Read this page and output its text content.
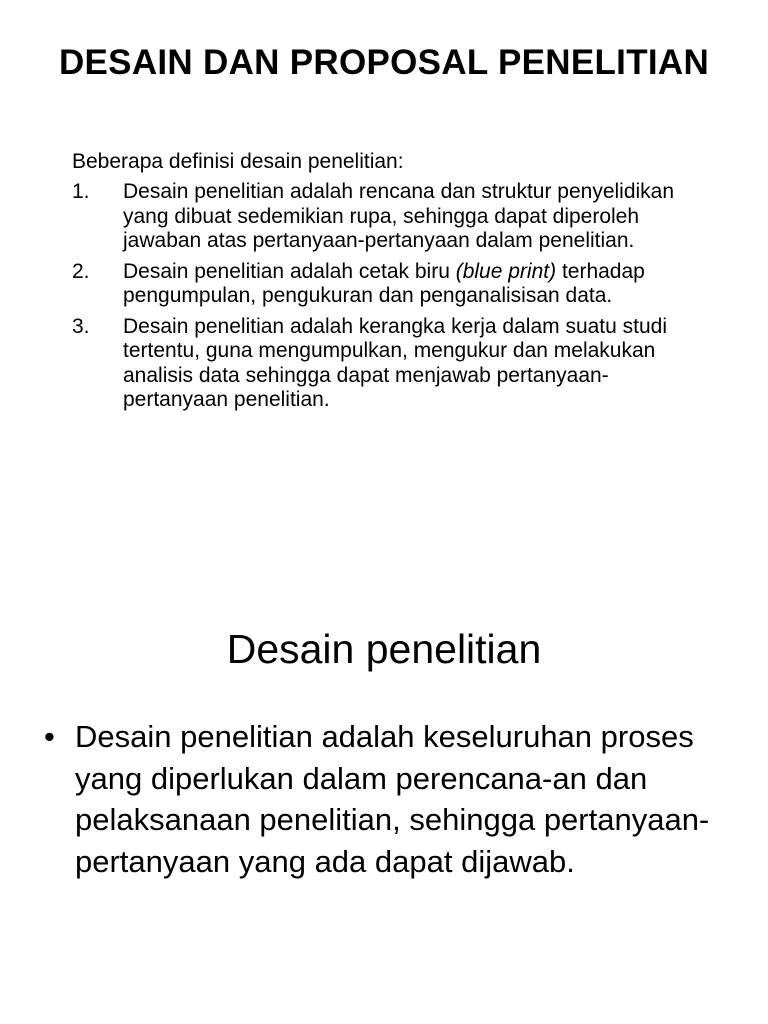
DESAIN DAN PROPOSAL PENELITIAN

Beberapa definisi desain penelitian:

1.	Desain penelitian adalah rencana dan struktur penyelidikan yang dibuat sedemikian rupa, sehingga dapat diperoleh jawaban atas pertanyaan-pertanyaan dalam penelitian.
2.	Desain penelitian adalah cetak biru (blue print) terhadap pengumpulan, pengukuran dan penganalisisan data.
3.	Desain penelitian adalah kerangka kerja dalam suatu studi tertentu, guna mengumpulkan, mengukur dan melakukan analisis data sehingga dapat menjawab pertanyaan-pertanyaan penelitian.
Desain penelitian
• Desain penelitian adalah keseluruhan proses yang diperlukan dalam perencana-an dan pelaksanaan penelitian, sehingga pertanyaan-pertanyaan yang ada dapat dijawab.
